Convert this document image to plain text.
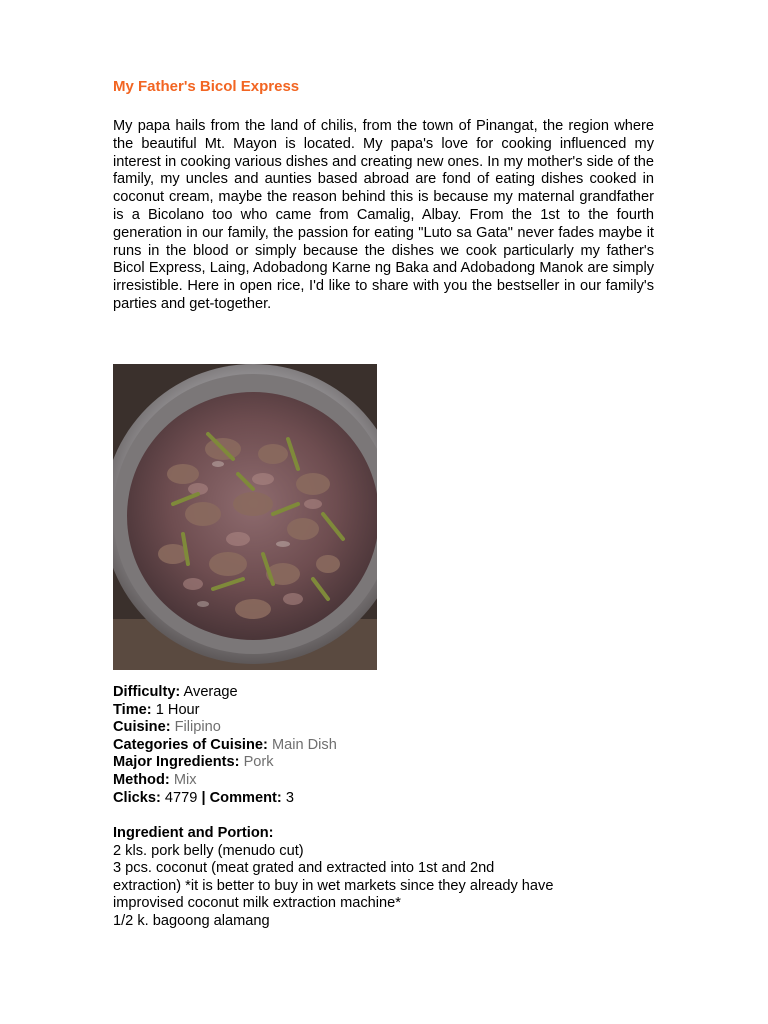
My Father's Bicol Express

My papa hails from the land of chilis, from the town of Pinangat, the region where the beautiful Mt. Mayon is located. My papa's love for cooking influenced my interest in cooking various dishes and creating new ones. In my mother's side of the family, my uncles and aunties based abroad are fond of eating dishes cooked in coconut cream, maybe the reason behind this is because my maternal grandfather is a Bicolano too who came from Camalig, Albay. From the 1st to the fourth generation in our family, the passion for eating "Luto sa Gata" never fades maybe it runs in the blood or simply because the dishes we cook particularly my father's Bicol Express, Laing, Adobadong Karne ng Baka and Adobadong Manok are simply irresistible. Here in open rice, I'd like to share with you the bestseller in our family's parties and get-together.

Difficulty: Average
Time: 1 Hour
Cuisine: Filipino
Categories of Cuisine: Main Dish
Major Ingredients: Pork
Method: Mix
Clicks: 4779 | Comment: 3
Ingredient and Portion:
2 kls. pork belly (menudo cut)
3 pcs. coconut (meat grated and extracted into 1st and 2nd
extraction) *it is better to buy in wet markets since they already have
improvised coconut milk extraction machine*
1/2 k. bagoong alamang
